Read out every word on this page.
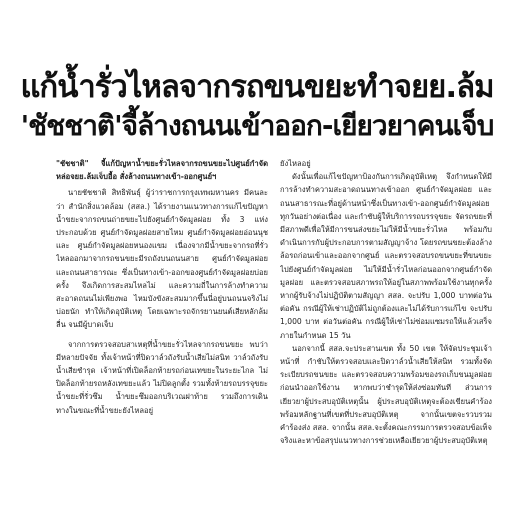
แก้น้ำรั่วไหลจากรถขนขยะทำจยย.ล้ม
'ชัชชาติ'จี้ล้างถนนเข้าออก-เยียวยาคนเจ็บ

"ชัชชาติ" จี้แก้ปัญหาน้ำขยะรั่วไหลจากรถขนขยะไปศูนย์กำจัด หล่อจยย.ล้มเจ็บอื้อ สั่งล้างถนนทางเข้า-ออกศูนย์ฯ

นายชัชชาติ สิทธิพันธุ์ ผู้ว่าราชการกรุงเทพมหานคร มีคนละว่า สำนักสิ่งแวดล้อม (สสล.) ได้รายงานแนวทางการแก้ไขปัญหาน้ำขยะจากรถขนถ่ายขยะไปยังศูนย์กำจัดมูลฝอย ทั้ง 3 แห่ง ประกอบด้วย ศูนย์กำจัดมูลฝอยสายไหม ศูนย์กำจัดมูลฝอยอ่อนนุช และ ศูนย์กำจัดมูลฝอยหนองแขม เนื่องจากมีน้ำขยะจากรถที่รั่วไหลออกมาจากรถขนขยะมีรถถังบนถนนสาย ศูนย์กำจัดมูลฝอยและถนนสาธารณะ ซึ่งเป็นทางเข้า-ออกของศูนย์กำจัดมูลฝอยบ่อยครั้ง จึงเกิดการสะสมไหลไม่ และความถี่ในการล้างทำความสะอาดถนนไม่เพียงพอ ไหมบังขังสะสมมากขึ้นนี่อยู่บนถนนจริงไม่บ่อยนัก ทำให้เกิดอุบัติเหตุ โดยเฉพาะรถจักรยานยนต์เสียหลักล้มลื่น จนมีผู้บาดเจ็บ

จากการตรวจสอบสาเหตุที่น้ำขยะรั่วไหลจากรถขนขยะ พบว่ามีหลายปัจจัย ทั้งเจ้าหน้าที่ปิดวาล์วถังรับน้ำเสียไม่สนิท วาล์วถังรับน้ำเสียชำรุด เจ้าหน้าที่เปิดล็อกท้ายรถก่อนเทขยะในระยะไกล ไม่ปิดล็อกท้ายรถหลังเทขยะแล้ว ไม่ปิดลูกตั้ง รวมทั้งท้ายรถบรรจุขยะน้ำขยะที่รั่วซึม น้ำขยะซึมออกบริเวณฝาท้าย รวมถึงการเดินทางในขณะที่น้ำขยะยังไหลอยู่

ยังไหลอยู่

ดังนั้นเพื่อแก้ไขปัญหาป้องกันการเกิดอุบัติเหตุ จึงกำหนดให้มีการล้างทำความสะอาดถนนทางเข้าออก ศูนย์กำจัดมูลฝอย และถนนสาธารณะที่อยู่ด้านหน้าซึ่งเป็นทางเข้า-ออกศูนย์กำจัดมูลฝอยทุกวันอย่างต่อเนื่อง และกำชับผู้ให้บริการรถบรรจุขยะ จัดรถขยะที่มีสภาพดีเพื่อให้มีการขนส่งขยะไม่ให้มีน้ำขยะรั่วไหล พร้อมกับดำเนินการกับผู้ประกอบการตามสัญญาจ้าง โดยรถขนขยะต้องล้างล้อรถก่อนเข้าและออกจากศูนย์ และตรวจสอบรถขนขยะที่ขนขยะไปยังศูนย์กำจัดมูลฝอย ไม่ให้มีน้ำรั่วไหลก่อนออกจากศูนย์กำจัดมูลฝอย และตรวจสอบสภาพรถให้อยู่ในสภาพพร้อมใช้งานทุกครั้ง หากผู้รับจ้างไม่ปฏิบัติตามสัญญา สสล. จะปรับ 1,000 บาทต่อวันต่อคัน กรณีผู้ให้เช่าปฏิบัติไม่ถูกต้องและไม่ได้รับการแก้ไข จะปรับ 1,000 บาท ต่อวันต่อคัน กรณีผู้ให้เช่าไม่ซ่อมแซมรถให้แล้วเสร็จภายในกำหนด 15 วัน

นอกจากนี้ สสล.จะประสานเขต ทั้ง 50 เขต ให้จัดประชุมเจ้าหน้าที่ กำชับให้ตรวจสอบและปิดวาล์วน้ำเสียให้สนิท รวมทั้งจัดระเบียบรถขนขยะ และตรวจสอบความพร้อมของรถเก็บขนมูลฝอยก่อนนำออกใช้งาน หากพบว่าชำรุดให้ส่งซ่อมทันที ส่วนการเยียวยาผู้ประสบอุบัติเหตุนั้น ผู้ประสบอุบัติเหตุจะต้องเขียนคำร้อง พร้อมหลักฐานที่เขตที่ประสบอุบัติเหตุ จากนั้นเขตจะรวบรวม คำร้องส่ง สสล. จากนั้น สสล.จะตั้งคณะกรรมการตรวจสอบข้อเท็จจริงและหาข้อสรุปแนวทางการช่วยเหลือเยียวยาผู้ประสบอุบัติเหตุ
